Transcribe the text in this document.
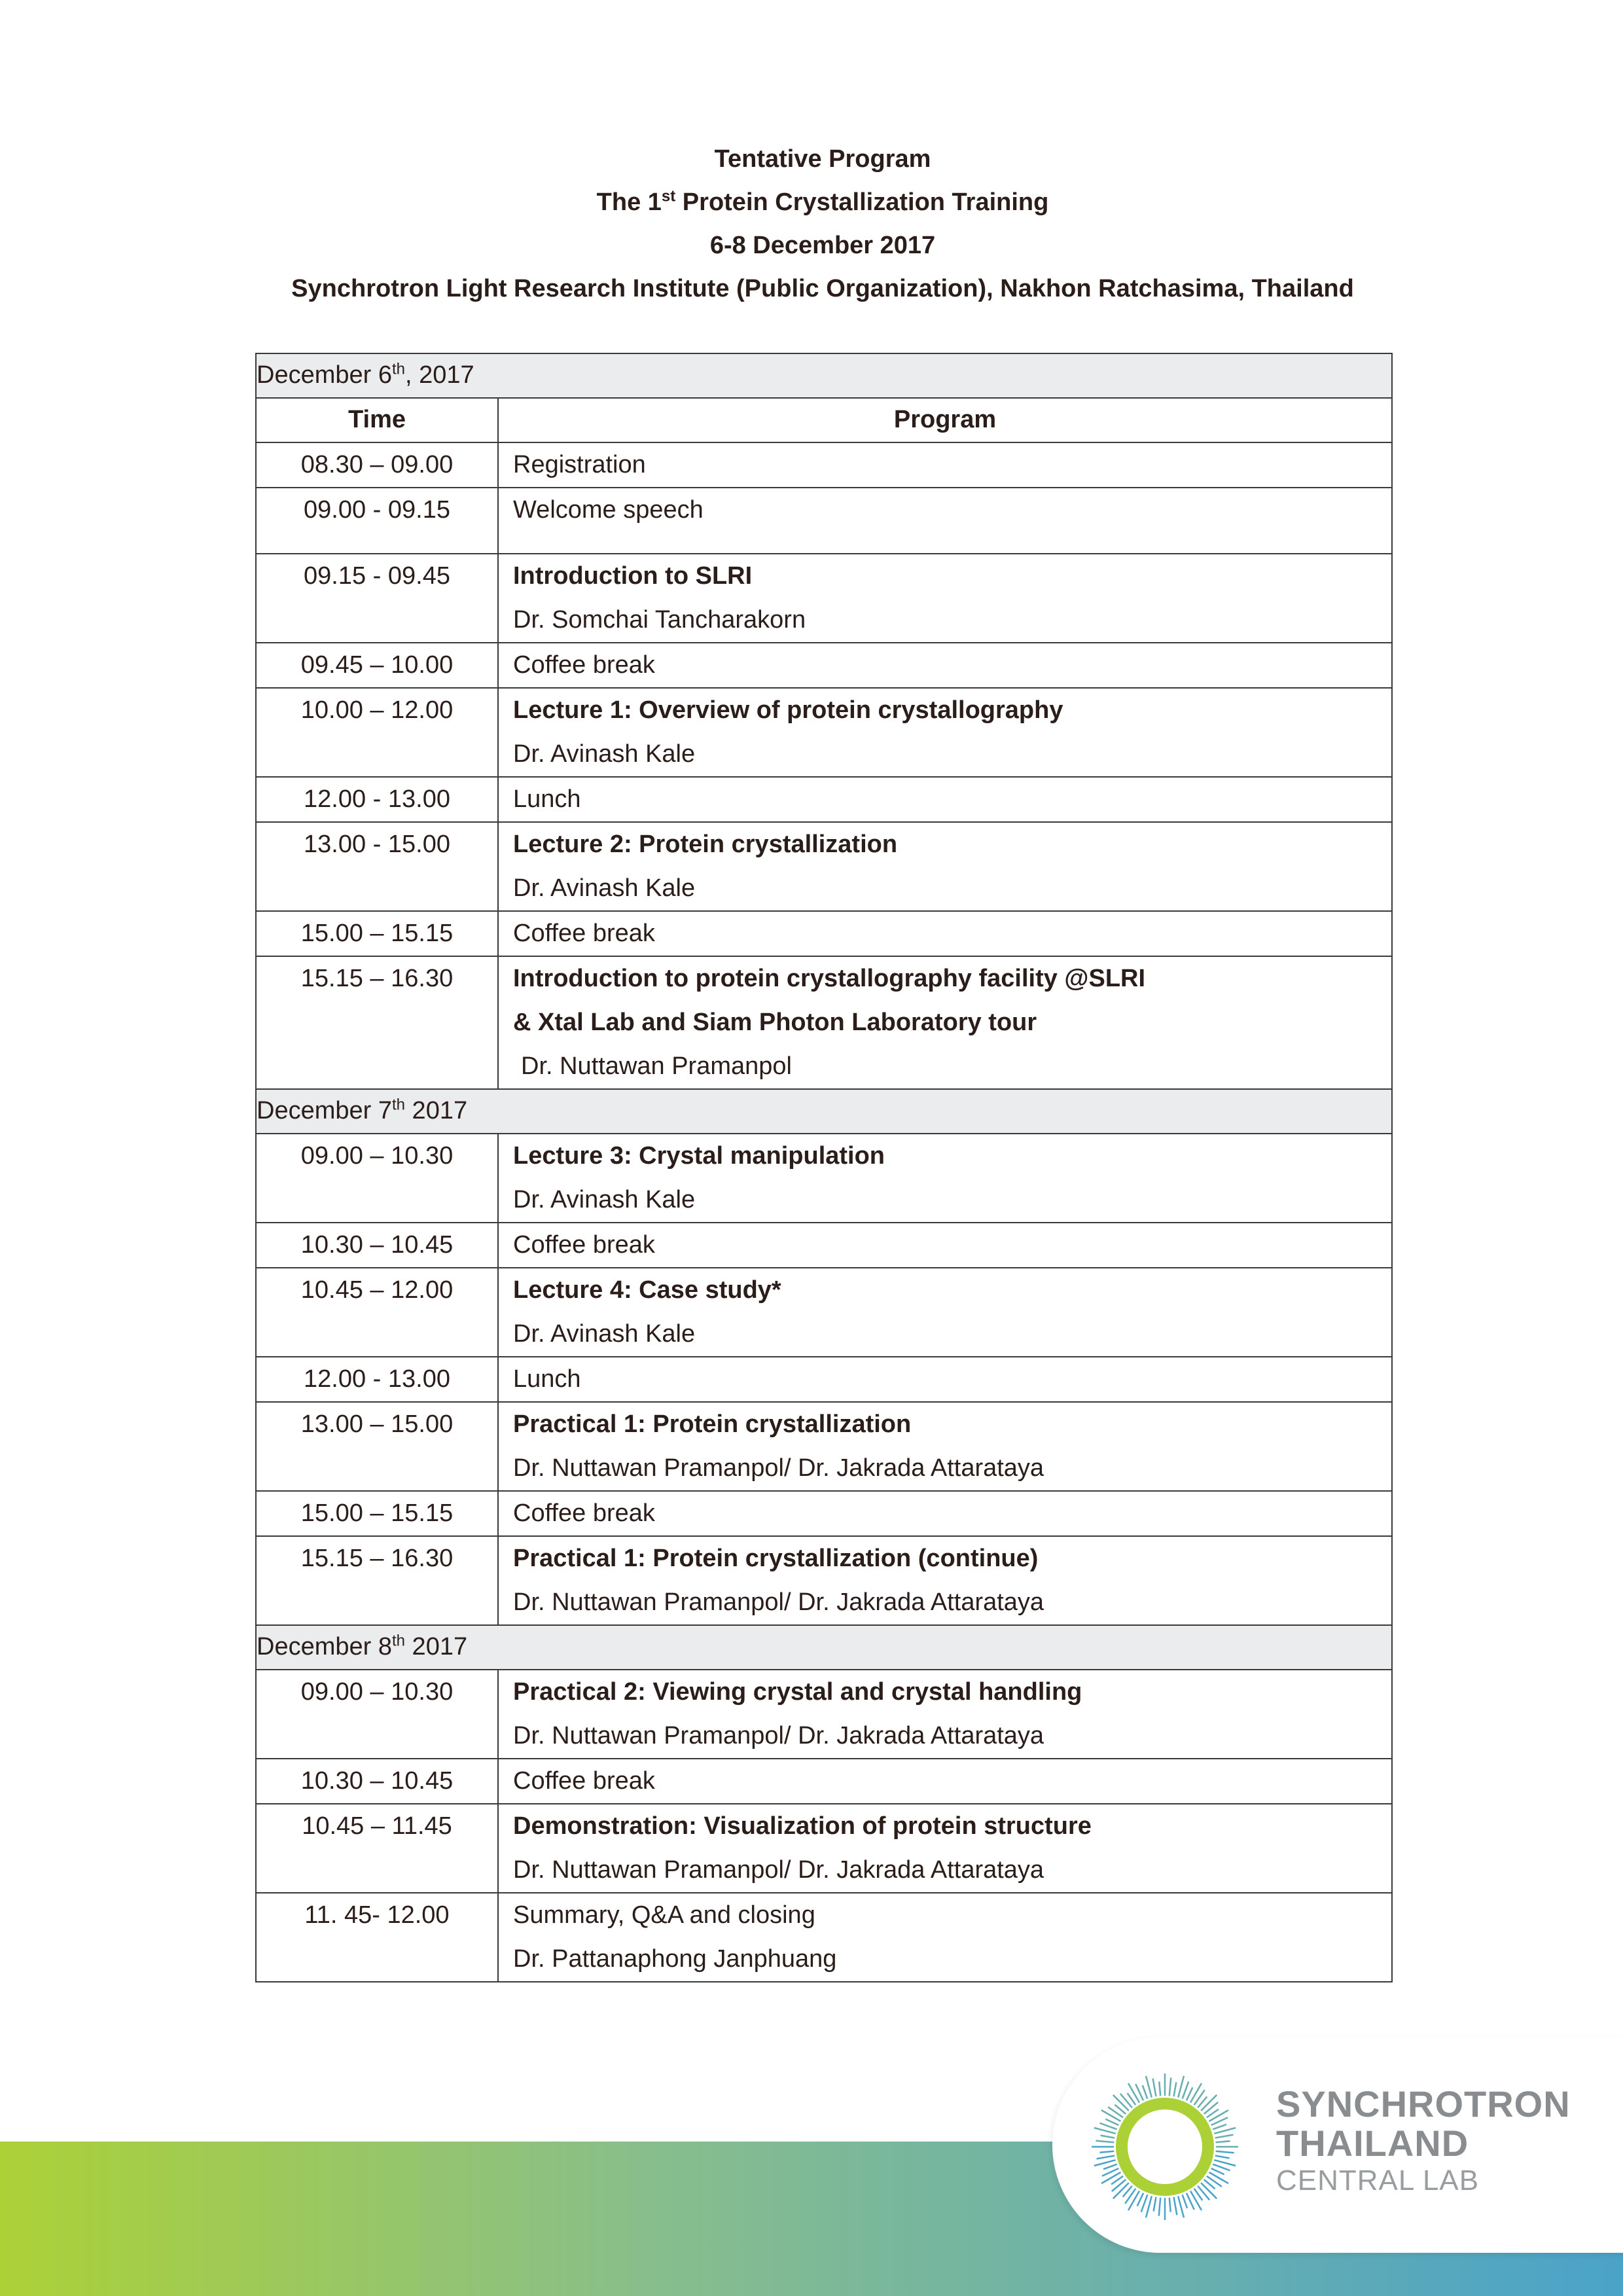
Tentative Program
The 1st Protein Crystallization Training
6-8 December 2017
Synchrotron Light Research Institute (Public Organization), Nakhon Ratchasima, Thailand
December 6th, 2017	
Time	Program
08.30 – 09.00	Registration

09.00 - 09.15	Welcome speech

09.15 - 09.45	Introduction to SLRI
Dr. Somchai Tancharakorn

09.45 – 10.00	Coffee break

10.00 – 12.00	Lecture 1: Overview of protein crystallography
Dr. Avinash Kale

12.00 - 13.00	Lunch

13.00 - 15.00	Lecture 2: Protein crystallization
Dr. Avinash Kale

15.00 – 15.15	Coffee break

15.15 – 16.30	Introduction to protein crystallography facility @SLRI
& Xtal Lab and Siam Photon Laboratory tour
Dr. Nuttawan Pramanpol

December 7th 2017	
09.00 – 10.30	Lecture 3: Crystal manipulation
Dr. Avinash Kale

10.30 – 10.45	Coffee break

10.45 – 12.00	Lecture 4: Case study*
Dr. Avinash Kale

12.00 - 13.00	Lunch

13.00 – 15.00	Practical 1: Protein crystallization
Dr. Nuttawan Pramanpol/ Dr. Jakrada Attarataya

15.00 – 15.15	Coffee break

15.15 – 16.30	Practical 1: Protein crystallization (continue)
Dr. Nuttawan Pramanpol/ Dr. Jakrada Attarataya

December 8th 2017	
09.00 – 10.30	Practical 2: Viewing crystal and crystal handling
Dr. Nuttawan Pramanpol/ Dr. Jakrada Attarataya

10.30 – 10.45	Coffee break

10.45 – 11.45	Demonstration: Visualization of protein structure
Dr. Nuttawan Pramanpol/ Dr. Jakrada Attarataya

11. 45- 12.00	Summary, Q&A and closing
Dr. Pattanaphong Janphuang
SYNCHROTRON
THAILAND
CENTRAL LAB
